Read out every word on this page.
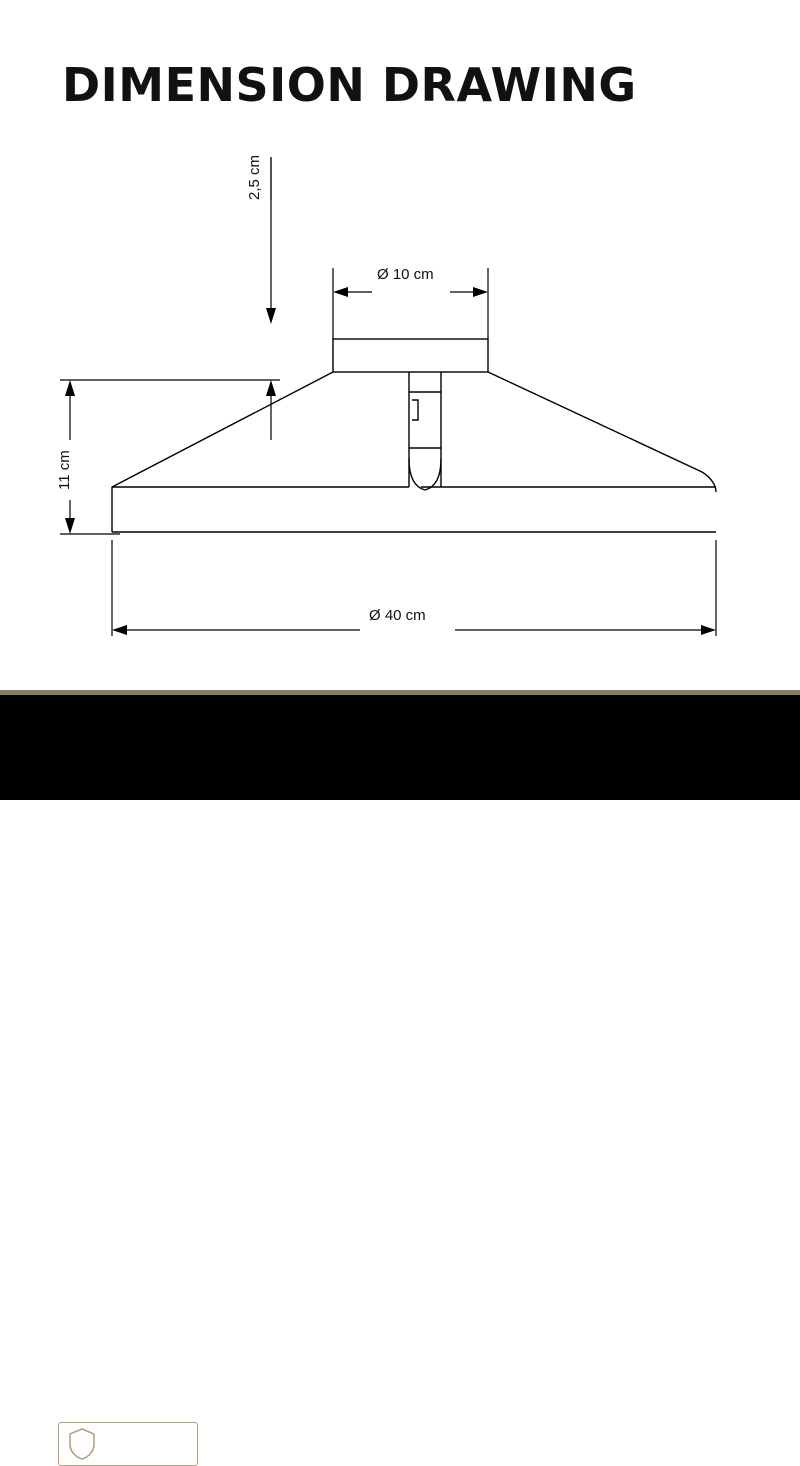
DIMENSION DRAWING
2,5 cm
Ø 10 cm
11 cm
Ø 40 cm
2	YEAR
WARRANTY	Olucia
